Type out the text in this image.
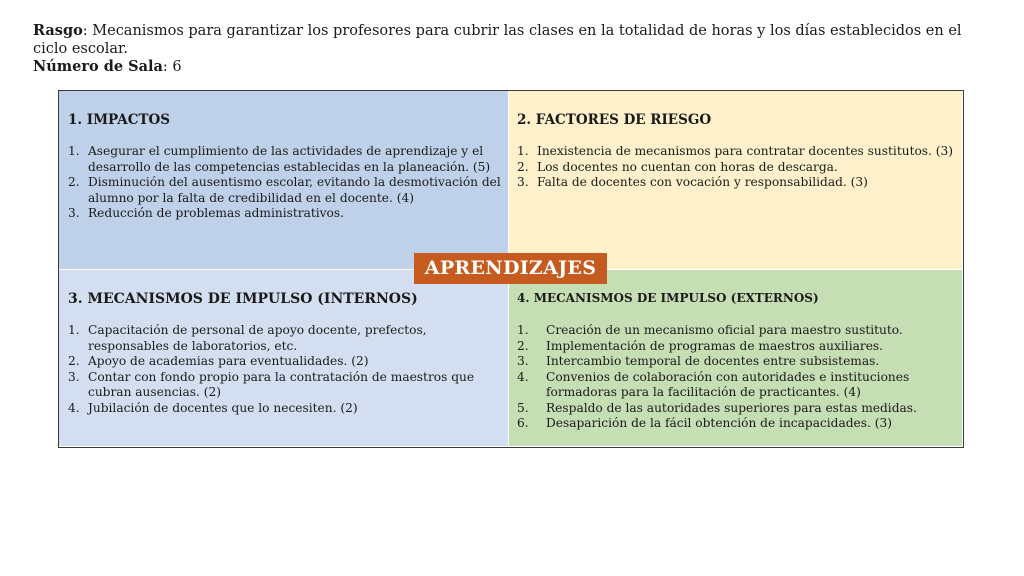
Rasgo: Mecanismos para garantizar los profesores para cubrir las clases en la totalidad de horas y los días establecidos en el ciclo escolar.
Número de Sala: 6
1. IMPACTOS
1. Asegurar el cumplimiento de las actividades de aprendizaje y el desarrollo de las competencias establecidas en la planeación. (5)
2. Disminución del ausentismo escolar, evitando la desmotivación del alumno por la falta de credibilidad en el docente. (4)
3. Reducción de problemas administrativos.
2. FACTORES DE RIESGO
1. Inexistencia de mecanismos para contratar docentes sustitutos. (3)
2. Los docentes no cuentan con horas de descarga.
3. Falta de docentes con vocación y responsabilidad. (3)
3. MECANISMOS DE IMPULSO (INTERNOS)
1. Capacitación de personal de apoyo docente, prefectos, responsables de laboratorios, etc.
2. Apoyo de academias para eventualidades. (2)
3. Contar con fondo propio para la contratación de maestros que cubran ausencias. (2)
4. Jubilación de docentes que lo necesiten. (2)
4. MECANISMOS DE IMPULSO (EXTERNOS)
1. Creación de un mecanismo oficial para maestro sustituto.
2. Implementación de programas de maestros auxiliares.
3. Intercambio temporal de docentes entre subsistemas.
4. Convenios de colaboración con autoridades e instituciones formadoras para la facilitación de practicantes. (4)
5. Respaldo de las autoridades superiores para estas medidas.
6. Desaparición de la fácil obtención de incapacidades. (3)
APRENDIZAJES
